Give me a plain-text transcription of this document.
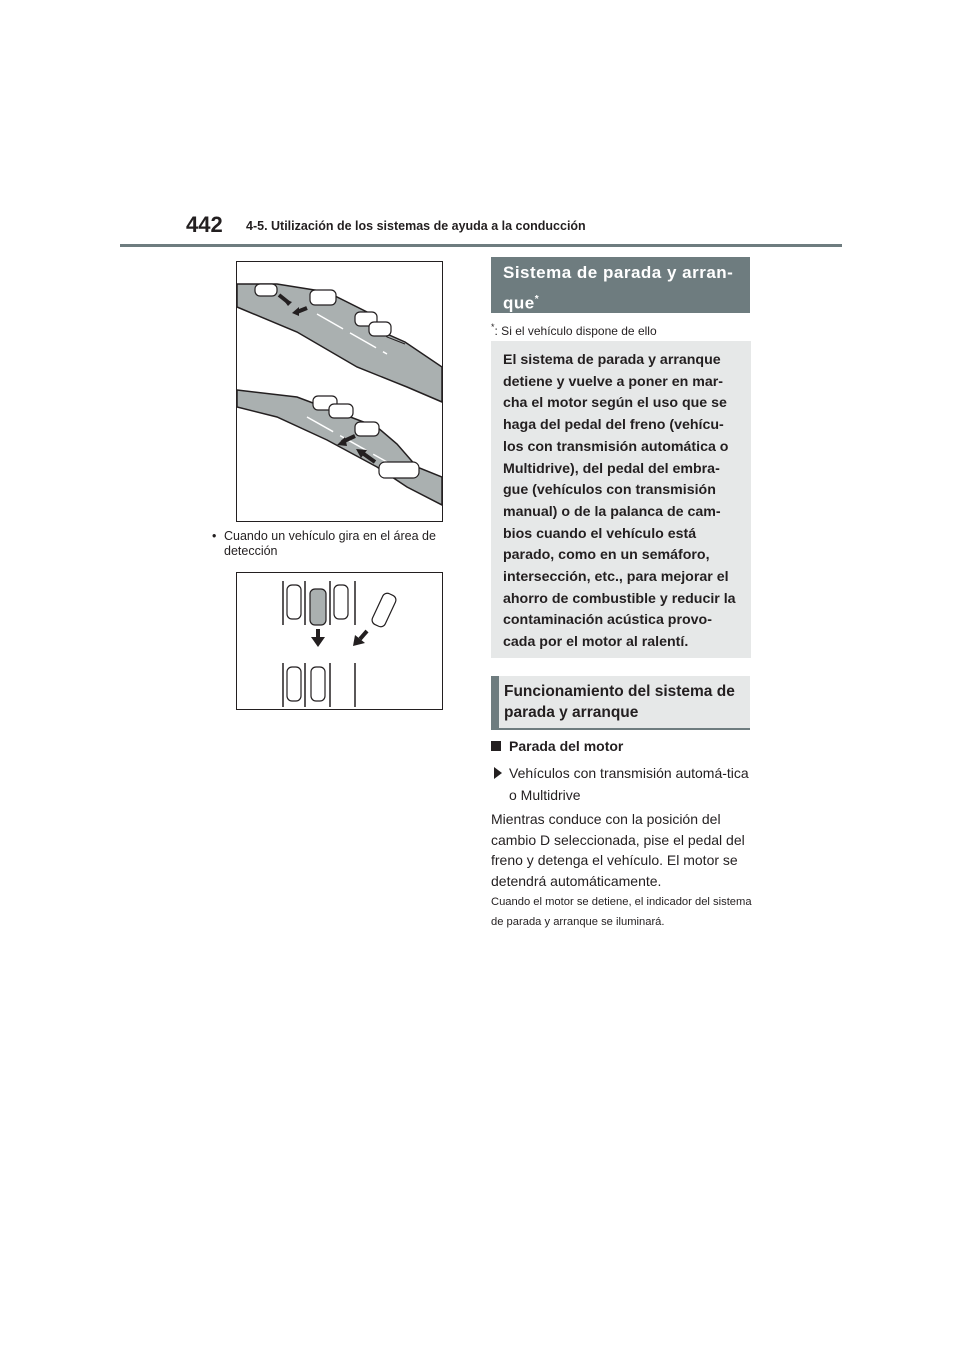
442 4-5. Utilización de los sistemas de ayuda a la conducción
• Cuando un vehículo gira en el área de detección
Sistema de parada y arran-que*
*: Si el vehículo dispone de ello
El sistema de parada y arranque detiene y vuelve a poner en mar-cha el motor según el uso que se haga del pedal del freno (vehícu-los con transmisión automática o Multidrive), del pedal del embra-gue (vehículos con transmisión manual) o de la palanca de cam-bios cuando el vehículo está parado, como en un semáforo, intersección, etc., para mejorar el ahorro de combustible y reducir la contaminación acústica provo-cada por el motor al ralentí.
Funcionamiento del sistema de parada y arranque
Parada del motor
Vehículos con transmisión automá-tica o Multidrive
Mientras conduce con la posición del cambio D seleccionada, pise el pedal del freno y detenga el vehículo. El motor se detendrá automáticamente.
Cuando el motor se detiene, el indicador del sistema de parada y arranque se iluminará.
